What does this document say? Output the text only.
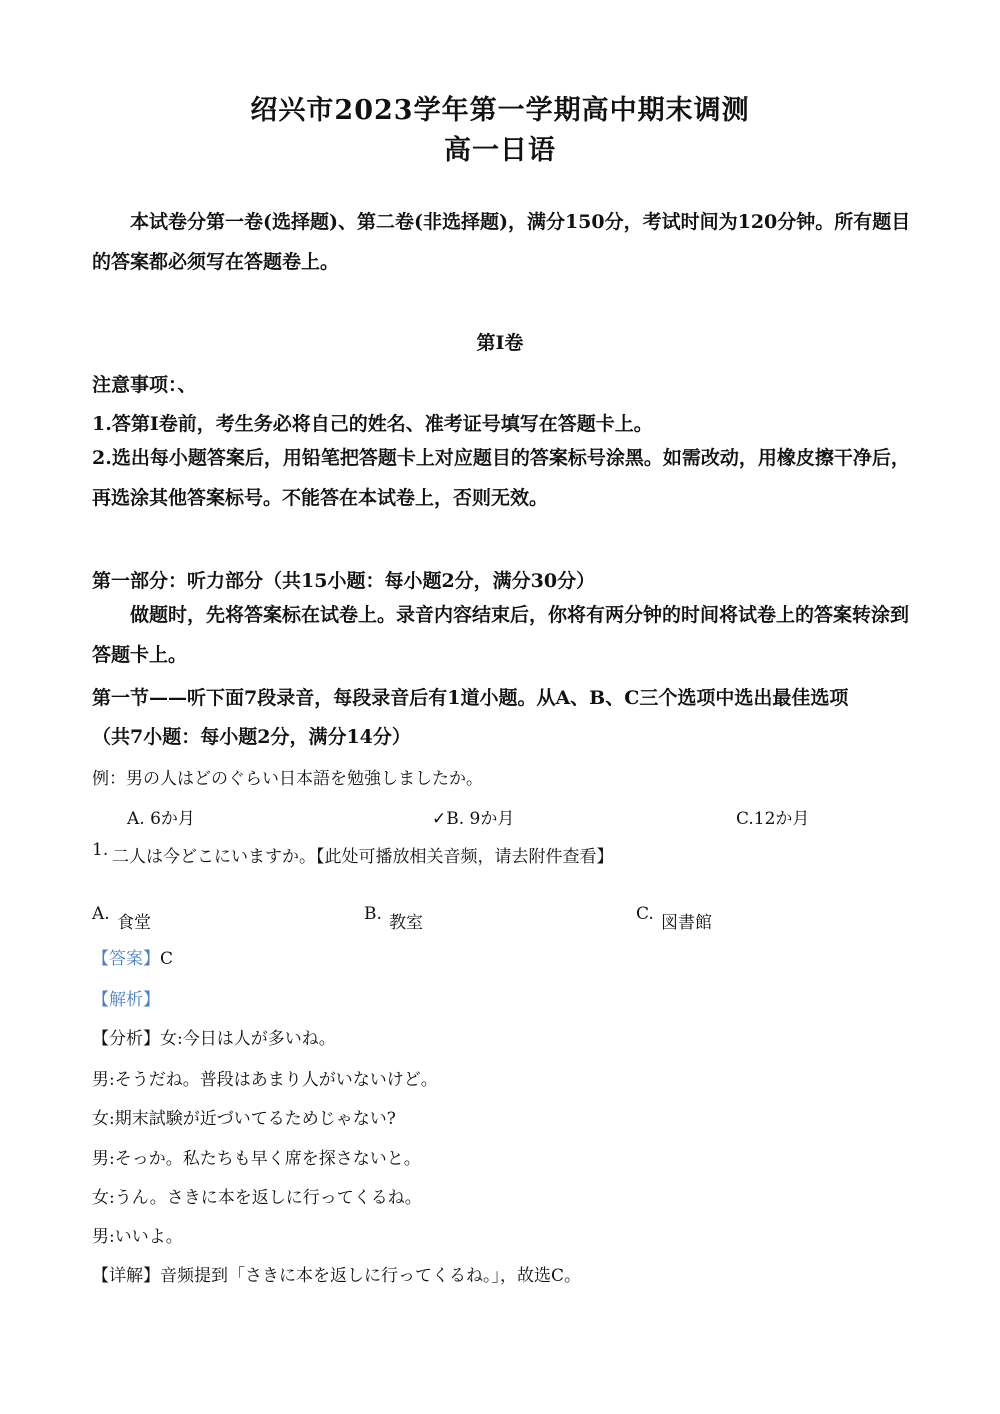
绍兴市2023学年第一学期高中期末调测
高一日语
本试卷分第一卷(选择题)、第二卷(非选择题)，满分150分，考试时间为120分钟。所有题目的答案都必须写在答题卷上。
第I卷
注意事项：、
1.答第I卷前，考生务必将自己的姓名、准考证号填写在答题卡上。
2.选出每小题答案后，用铅笔把答题卡上对应题目的答案标号涂黑。如需改动，用橡皮擦干净后，再选涂其他答案标号。不能答在本试卷上，否则无效。
第一部分：听力部分（共15小题：每小题2分，满分30分）
做题时，先将答案标在试卷上。录音内容结束后，你将有两分钟的时间将试卷上的答案转涂到答题卡上。
第一节——听下面7段录音，每段录音后有1道小题。从A、B、C三个选项中选出最佳选项
（共7小题：每小题2分，满分14分）
例：男の人はどのぐらい日本語を勉強しましたか。
A. 6か月	✓B. 9か月	C.12か月
1. 二人は今どこにいますか。【此处可播放相关音频，请去附件查看】
A. 食堂	B. 教室	C. 図書館
【答案】C
【解析】
【分析】女:今日は人が多いね。
男:そうだね。普段はあまり人がいないけど。
女:期末試験が近づいてるためじゃない?
男:そっか。私たちも早く席を探さないと。
女:うん。さきに本を返しに行ってくるね。
男:いいよ。
【详解】音频提到「さきに本を返しに行ってくるね。」，故选C。
